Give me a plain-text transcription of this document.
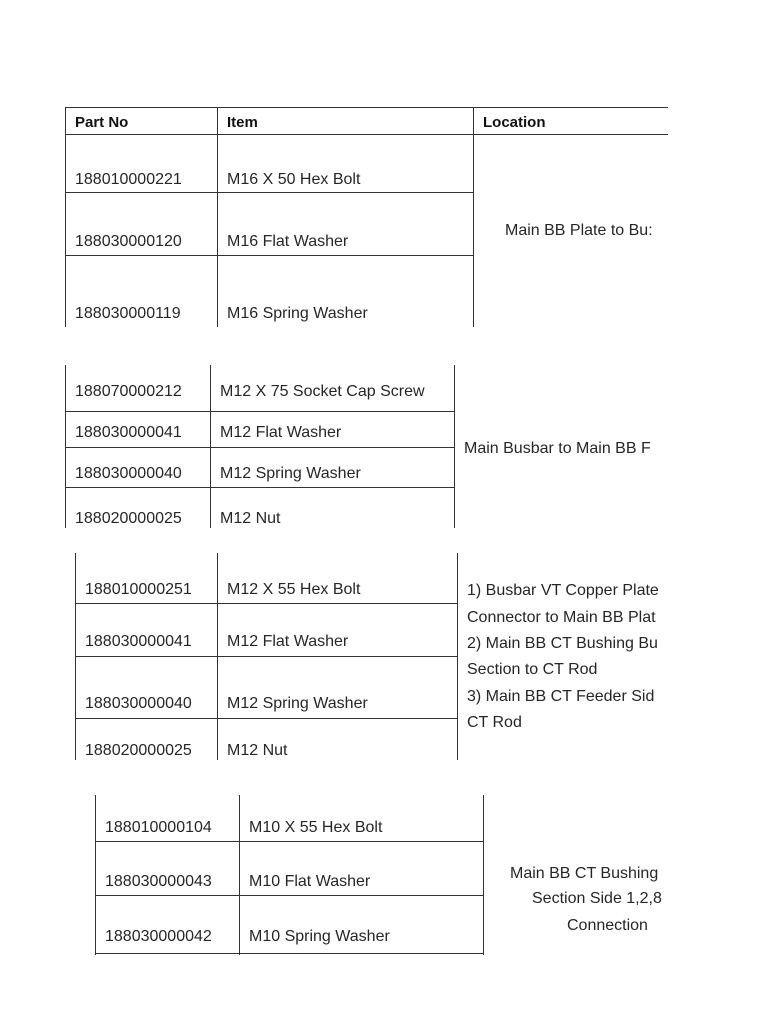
Part No	Item	Location
188010000221	M16 X 50 Hex Bolt
188030000120	M16 Flat Washer
188030000119	M16 Spring Washer
Main BB Plate to Bu:
188070000212 M12 X 75 Socket Cap Screw
188030000041 M12 Flat Washer
188030000040 M12 Spring Washer
188020000025 M12 Nut
Main Busbar to Main BB F
188010000251 M12 X 55 Hex Bolt
188030000041 M12 Flat Washer
188030000040 M12 Spring Washer
188020000025 M12 Nut
1) Busbar VT Copper Plate
Connector to Main BB Plat
2) Main BB CT Bushing Bu
Section to CT Rod
3) Main BB CT Feeder Sid
CT Rod
188010000104 M10 X 55 Hex Bolt
188030000043 M10 Flat Washer
188030000042 M10 Spring Washer
Main BB CT Bushing
Section Side 1,2,8
Connection
